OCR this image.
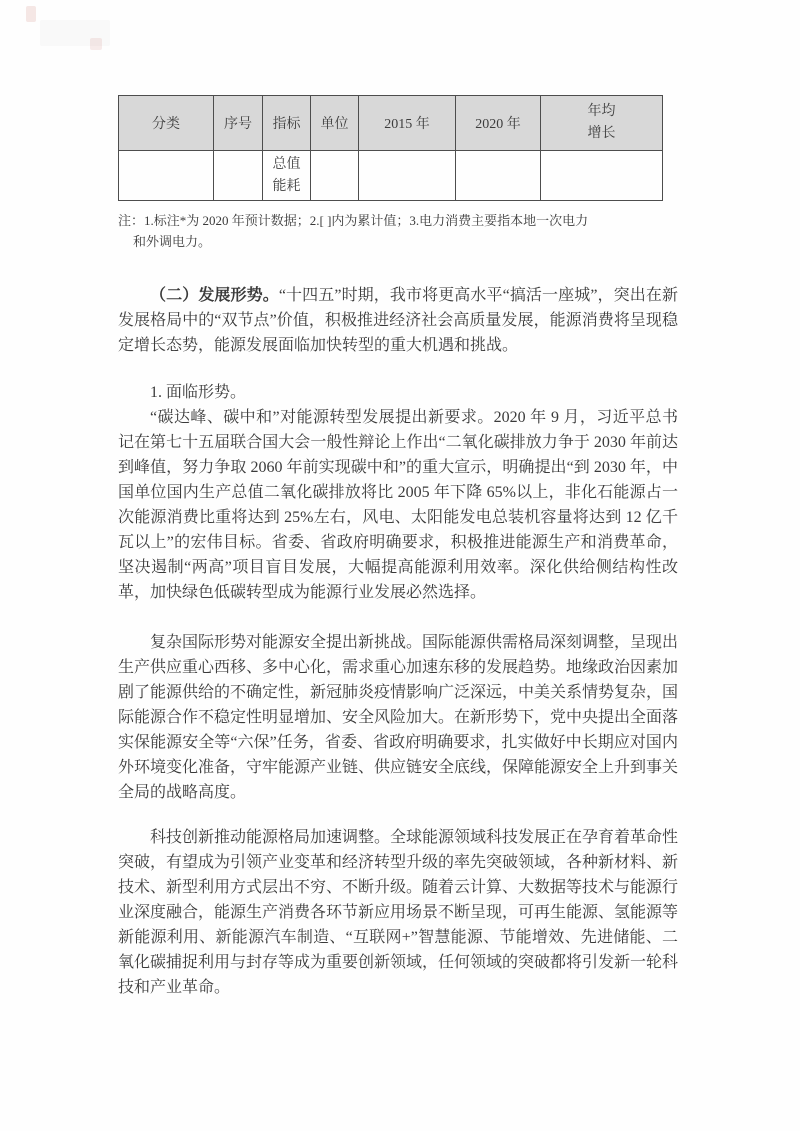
分类	序号	指标	单位	2015 年	2020 年	年均
增长

		总值
能耗				

注：1.标注*为 2020 年预计数据；2.[ ]内为累计值；3.电力消费主要指本地一次电力
和外调电力。

（二）发展形势。“十四五”时期，我市将更高水平“搞活一座城”，突出在新发展格局中的“双节点”价值，积极推进经济社会高质量发展，能源消费将呈现稳定增长态势，能源发展面临加快转型的重大机遇和挑战。

1. 面临形势。

“碳达峰、碳中和”对能源转型发展提出新要求。2020 年 9 月，习近平总书记在第七十五届联合国大会一般性辩论上作出“二氧化碳排放力争于 2030 年前达到峰值，努力争取 2060 年前实现碳中和”的重大宣示，明确提出“到 2030 年，中国单位国内生产总值二氧化碳排放将比 2005 年下降 65%以上，非化石能源占一次能源消费比重将达到 25%左右，风电、太阳能发电总装机容量将达到 12 亿千瓦以上”的宏伟目标。省委、省政府明确要求，积极推进能源生产和消费革命，坚决遏制“两高”项目盲目发展，大幅提高能源利用效率。深化供给侧结构性改革，加快绿色低碳转型成为能源行业发展必然选择。

复杂国际形势对能源安全提出新挑战。国际能源供需格局深刻调整，呈现出生产供应重心西移、多中心化，需求重心加速东移的发展趋势。地缘政治因素加剧了能源供给的不确定性，新冠肺炎疫情影响广泛深远，中美关系情势复杂，国际能源合作不稳定性明显增加、安全风险加大。在新形势下，党中央提出全面落实保能源安全等“六保”任务，省委、省政府明确要求，扎实做好中长期应对国内外环境变化准备，守牢能源产业链、供应链安全底线，保障能源安全上升到事关全局的战略高度。

科技创新推动能源格局加速调整。全球能源领域科技发展正在孕育着革命性突破，有望成为引领产业变革和经济转型升级的率先突破领域，各种新材料、新技术、新型利用方式层出不穷、不断升级。随着云计算、大数据等技术与能源行业深度融合，能源生产消费各环节新应用场景不断呈现，可再生能源、氢能源等新能源利用、新能源汽车制造、“互联网+”智慧能源、节能增效、先进储能、二氧化碳捕捉利用与封存等成为重要创新领域，任何领域的突破都将引发新一轮科技和产业革命。
